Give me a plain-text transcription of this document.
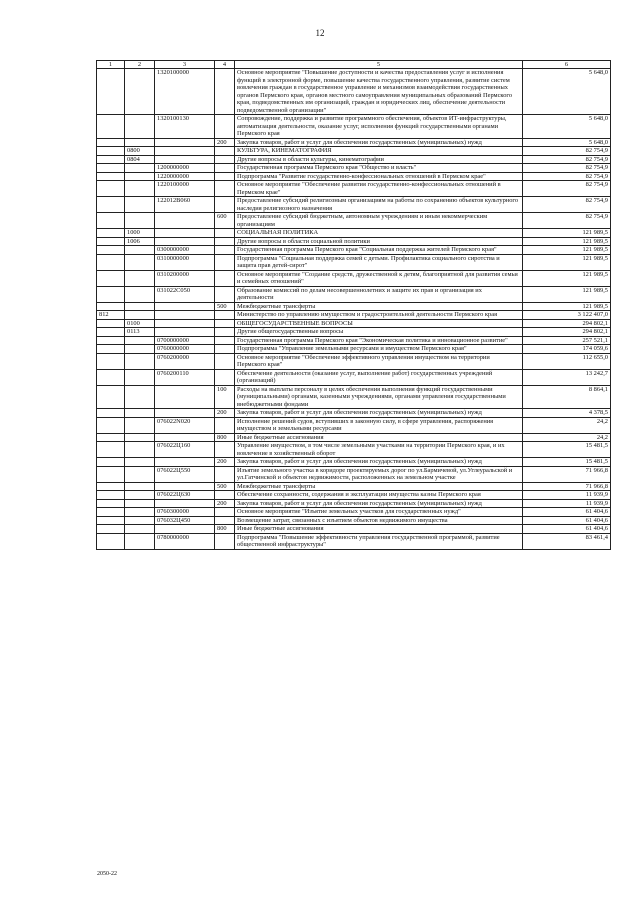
12
1	2	3	4	5	6
		1320100000		Основное мероприятие "Повышение доступности и качества предоставления услуг и исполнения функций в электронной форме, повышение качества государственного управления, развитие систем вовлечения граждан в государственное управление и механизмов взаимодействия государственных органов Пермского края, органов местного самоуправления муниципальных образований Пермского края, подведомственных им организаций, граждан и юридических лиц, обеспечение деятельности подведомственной организации"	5 648,0
		1320100130		Сопровождение, поддержка и развитие программного обеспечения, объектов ИТ-инфраструктуры, автоматизация деятельности, оказание услуг, исполнения функций государственными органами Пермского края	5 648,0
			200	Закупка товаров, работ и услуг для обеспечения государственных (муниципальных) нужд	5 648,0
	0800			КУЛЬТУРА, КИНЕМАТОГРАФИЯ	82 754,9
	0804			Другие вопросы в области культуры, кинематографии	82 754,9
		1200000000		Государственная программа Пермского края "Общество и власть"	82 754,9
		1220000000		Подпрограмма "Развитие государственно-конфессиональных отношений в Пермском крае"	82 754,9
		1220100000		Основное мероприятие "Обеспечение развития государственно-конфессиональных отношений в Пермском крае"	82 754,9
		122012В060		Предоставление субсидий религиозным организациям на работы по сохранению объектов культурного наследия религиозного назначения	82 754,9
			600	Предоставление субсидий бюджетным, автономным учреждениям и иным некоммерческим организациям	82 754,9
	1000			СОЦИАЛЬНАЯ ПОЛИТИКА	121 989,5
	1006			Другие вопросы в области социальной политики	121 989,5
		0300000000		Государственная программа Пермского края "Социальная поддержка жителей Пермского края"	121 989,5
		0310000000		Подпрограмма "Социальная поддержка семей с детьми. Профилактика социального сиротства и защита прав детей-сирот"	121 989,5
		0310200000		Основное мероприятие "Создание средств, дружественной к детям, благоприятной для развития семьи и семейных отношений"	121 989,5
		031022С050		Образование комиссий по делам несовершеннолетних и защите их прав и организация их деятельности	121 989,5
			500	Межбюджетные трансферты	121 989,5
812				Министерство по управлению имуществом и градостроительной деятельности Пермского края	3 122 407,0
	0100			ОБЩЕГОСУДАРСТВЕННЫЕ ВОПРОСЫ	294 802,1
	0113			Другие общегосударственные вопросы	294 802,1
		0700000000		Государственная программа Пермского края "Экономическая политика и инновационное развитие"	257 521,1
		0760000000		Подпрограмма "Управление земельными ресурсами и имуществом Пермского края"	174 059,6
		0760200000		Основное мероприятие "Обеспечение эффективного управления имуществом на территории Пермского края"	112 655,0
		0760200110		Обеспечение деятельности (оказание услуг, выполнение работ) государственных учреждений (организаций)	13 242,7
			100	Расходы на выплаты персоналу в целях обеспечения выполнения функций государственными (муниципальными) органами, казенными учреждениями, органами управления государственными внебюджетными фондами	8 864,1
			200	Закупка товаров, работ и услуг для обеспечения государственных (муниципальных) нужд	4 378,5
		076022N020		Исполнение решений судов, вступивших в законную силу, в сфере управления, распоряжения имуществом и земельными ресурсами	24,2
			800	Иные бюджетные ассигнования	24,2
		076022Ц160		Управление имуществом, в том числе земельными участками на территории Пермского края, и их вовлечение в хозяйственный оборот	15 481,5
			200	Закупка товаров, работ и услуг для обеспечения государственных (муниципальных) нужд	15 481,5
		076022Ц550		Изъятие земельного участка в коридоре проектируемых дорог по ул.Бармичевой, ул.Углеуральской и ул.Гатчинской и объектов недвижимости, расположенных на земельном участке	71 966,8
			500	Межбюджетные трансферты	71 966,8
		076022Ц630		Обеспечение сохранности, содержания и эксплуатации имущества казны Пермского края	11 939,9
			200	Закупка товаров, работ и услуг для обеспечения государственных (муниципальных) нужд	11 939,9
		0760300000		Основное мероприятие "Изъятие земельных участков для государственных нужд"	61 404,6
		076032Ц450		Возмещение затрат, связанных с изъятием объектов недвижимого имущества	61 404,6
			800	Иные бюджетные ассигнования	61 404,6
		0780000000		Подпрограмма "Повышение эффективности управления государственной программой, развитие общественной инфраструктуры"	83 461,4
2050-22
